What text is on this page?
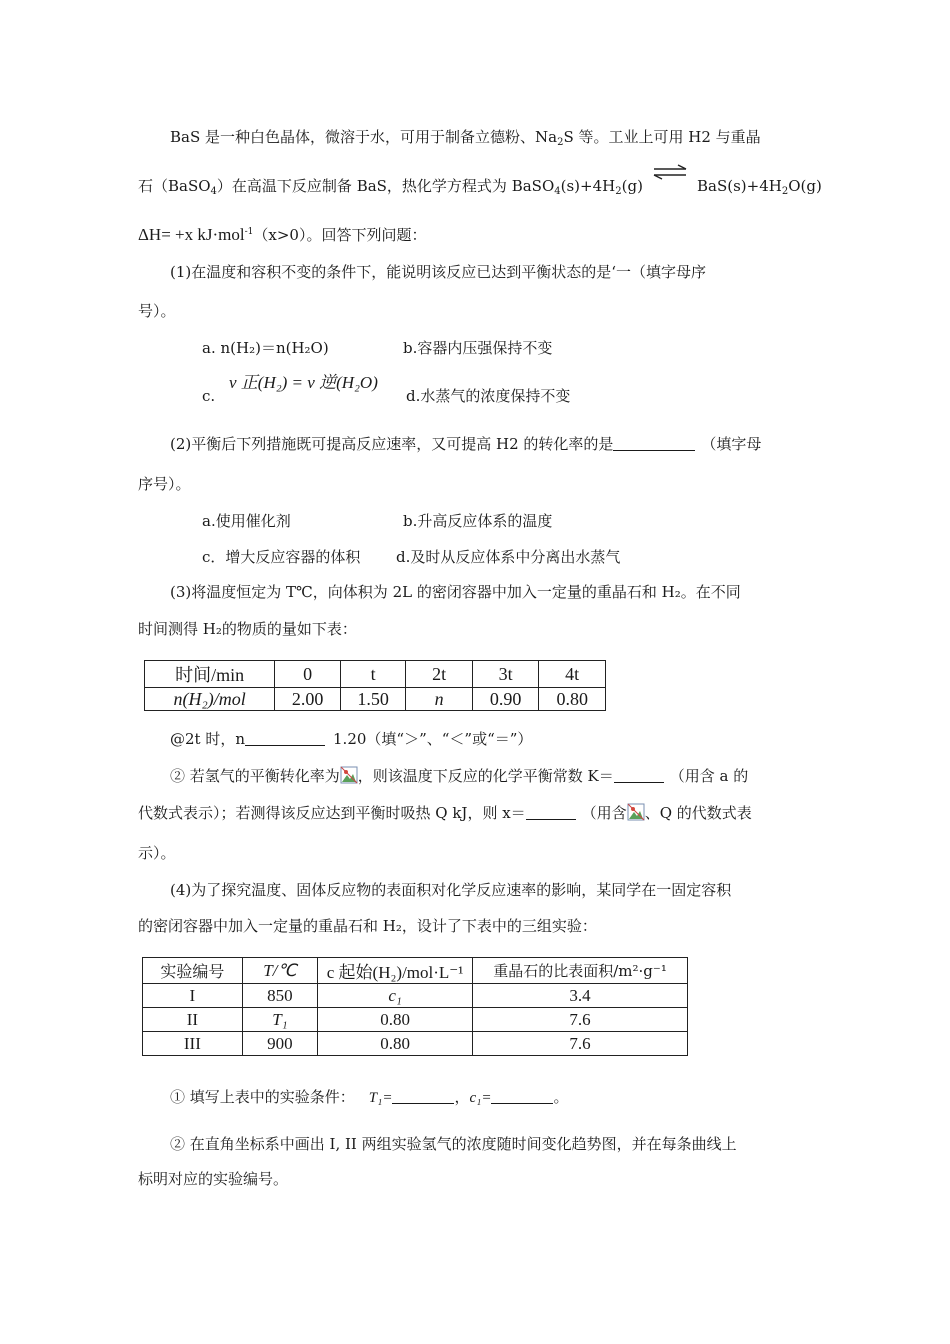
BaS 是一种白色晶体，微溶于水，可用于制备立德粉、$Na_2S$ 等。工业上可用 H2 与重晶
石（BaSO$_4$）在高温下反应制备 BaS，热化学方程式为 $BaSO_4(s)+4H_2(g)$	$BaS(s)+4H_2O(g)$
ΔH= +x kJ·mol$^{-1}$（x>0）。回答下列问题：
(1)在温度和容积不变的条件下，能说明该反应已达到平衡状态的是‘一（填字母序
号）。
a. n(H₂)＝n(H₂O)	b.容器内压强保持不变
c.
v 正(H₂) = v 逆(H₂O)
d.水蒸气的浓度保持不变
(2)平衡后下列措施既可提高反应速率，又可提高 H2 的转化率的是	（填字母
序号）。
a.使用催化剂	b.升高反应体系的温度
c．增大反应容器的体积 d.及时从反应体系中分离出水蒸气
(3)将温度恒定为 T℃，向体积为 2L 的密闭容器中加入一定量的重晶石和 H₂。在不同
时间测得 H₂的物质的量如下表：
时间/min	0	t	2t	3t	4t
n(H₂)/mol	2.00	1.50	n	0.90	0.80
@2t 时，n	1.20（填“＞”、“＜”或“＝”）
② 若氢气的平衡转化率为 ，则该温度下反应的化学平衡常数 K＝	（用含 a 的
代数式表示）；若测得该反应达到平衡时吸热 Q kJ，则 x＝	（用含 、Q 的代数式表
示）。
(4)为了探究温度、固体反应物的表面积对化学反应速率的影响，某同学在一固定容积
的密闭容器中加入一定量的重晶石和 H₂，设计了下表中的三组实验：
实验编号	T/℃	c 起始(H₂)/mol·L⁻¹	重晶石的比表面积/m²·g⁻¹
I	850	c₁	3.4
II	T₁	0.80	7.6
III	900	0.80	7.6
① 填写上表中的实验条件： T₁=	，c₁=	。
② 在直角坐标系中画出 I, II 两组实验氢气的浓度随时间变化趋势图，并在每条曲线上
标明对应的实验编号。
